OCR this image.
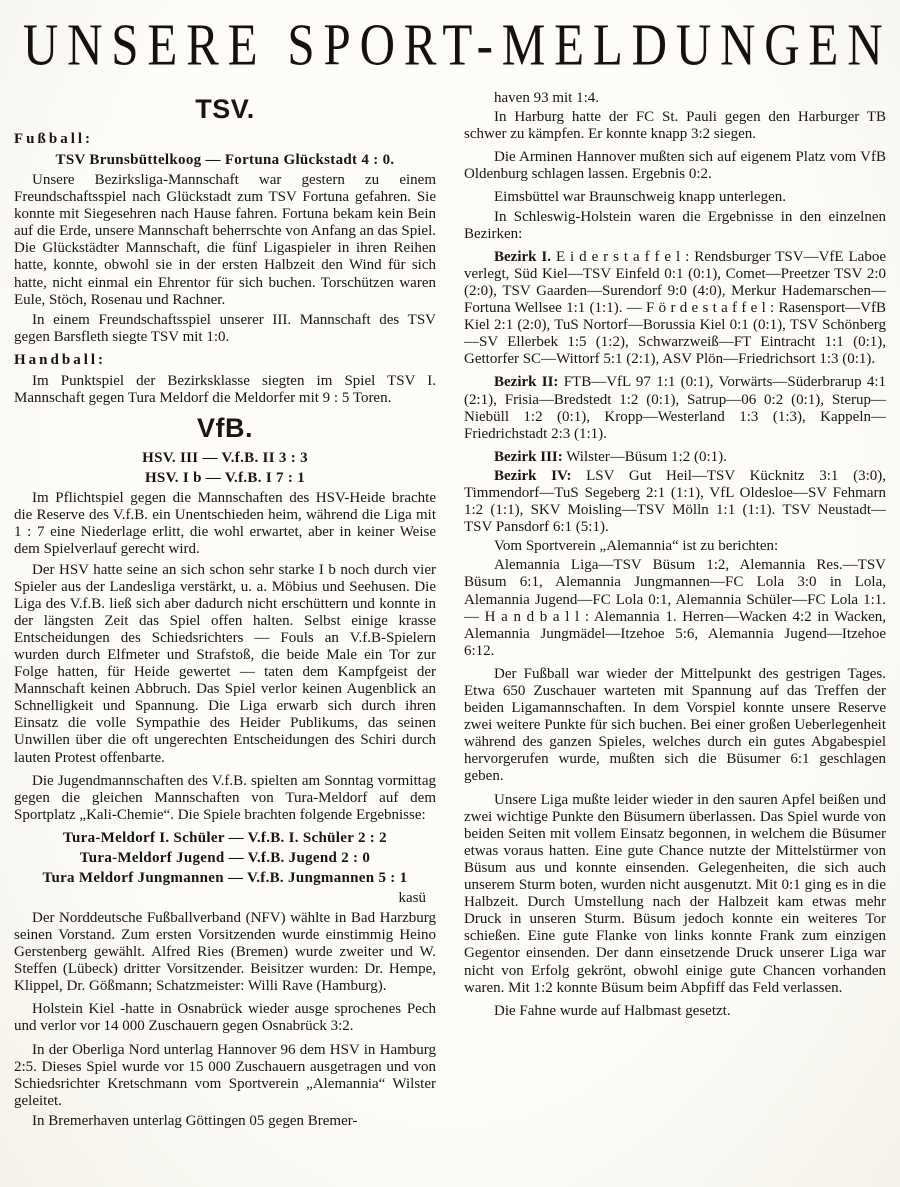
UNSERE SPORT-MELDUNGEN
TSV.
Fußball:
TSV Brunsbüttelkoog — Fortuna Glückstadt 4 : 0.

Unsere Bezirksliga-Mannschaft war gestern zu einem Freundschaftsspiel nach Glückstadt zum TSV Fortuna gefahren. Sie konnte mit Siegesehren nach Hause fahren. Fortuna bekam kein Bein auf die Erde, unsere Mannschaft beherrschte von Anfang an das Spiel. Die Glückstädter Mannschaft, die fünf Ligaspieler in ihren Reihen hatte, konnte, obwohl sie in der ersten Halbzeit den Wind für sich hatte, nicht einmal ein Ehrentor für sich buchen. Torschützen waren Eule, Stöch, Rosenau und Rachner.

In einem Freundschaftsspiel unserer III. Mannschaft des TSV gegen Barsfleth siegte TSV mit 1:0.

Handball:

Im Punktspiel der Bezirksklasse siegten im Spiel TSV I. Mannschaft gegen Tura Meldorf die Meldorfer mit 9 : 5 Toren.

VfB.
HSV. III — V.f.B. II 3 : 3
HSV. I b — V.f.B. I 7 : 1

Im Pflichtspiel gegen die Mannschaften des HSV-Heide brachte die Reserve des V.f.B. ein Unentschieden heim, während die Liga mit 1 : 7 eine Niederlage erlitt, die wohl erwartet, aber in keiner Weise dem Spielverlauf gerecht wird.

Der HSV hatte seine an sich schon sehr starke I b noch durch vier Spieler aus der Landesliga verstärkt, u. a. Möbius und Seehusen. Die Liga des V.f.B. ließ sich aber dadurch nicht erschüttern und konnte in der längsten Zeit das Spiel offen halten. Selbst einige krasse Entscheidungen des Schiedsrichters — Fouls an V.f.B-Spielern wurden durch Elfmeter und Strafstoß, die beide Male ein Tor zur Folge hatten, für Heide gewertet — taten dem Kampfgeist der Mannschaft keinen Abbruch. Das Spiel verlor keinen Augenblick an Schnelligkeit und Spannung. Die Liga erwarb sich durch ihren Einsatz die volle Sympathie des Heider Publikums, das seinen Unwillen über die oft ungerechten Entscheidungen des Schiri durch lauten Protest offenbarte.

Die Jugendmannschaften des V.f.B. spielten am Sonntag vormittag gegen die gleichen Mannschaften von Tura-Meldorf auf dem Sportplatz „Kali-Chemie“. Die Spiele brachten folgende Ergebnisse:

Tura-Meldorf I. Schüler — V.f.B. I. Schüler 2 : 2
Tura-Meldorf Jugend — V.f.B. Jugend 2 : 0
Tura Meldorf Jungmannen — V.f.B. Jungmannen 5 : 1
kasü

Der Norddeutsche Fußballverband (NFV) wählte in Bad Harzburg seinen Vorstand. Zum ersten Vorsitzenden wurde einstimmig Heino Gerstenberg gewählt. Alfred Ries (Bremen) wurde zweiter und W. Steffen (Lübeck) dritter Vorsitzender. Beisitzer wurden: Dr. Hempe, Klippel, Dr. Gößmann; Schatzmeister: Willi Rave (Hamburg).

Holstein Kiel -hatte in Osnabrück wieder ausge sprochenes Pech und verlor vor 14 000 Zuschauern gegen Osnabrück 3:2.

In der Oberliga Nord unterlag Hannover 96 dem HSV in Hamburg 2:5. Dieses Spiel wurde vor 15 000 Zuschauern ausgetragen und von Schiedsrichter Kretschmann vom Sportverein „Alemannia“ Wilster geleitet.

In Bremerhaven unterlag Göttingen 05 gegen Bremer-

haven 93 mit 1:4.

In Harburg hatte der FC St. Pauli gegen den Harburger TB schwer zu kämpfen. Er konnte knapp 3:2 siegen.

Die Arminen Hannover mußten sich auf eigenem Platz vom VfB Oldenburg schlagen lassen. Ergebnis 0:2.

Eimsbüttel war Braunschweig knapp unterlegen.

In Schleswig-Holstein waren die Ergebnisse in den einzelnen Bezirken:

Bezirk I. E i d e r s t a f f e l : Rendsburger TSV—VfE Laboe verlegt, Süd Kiel—TSV Einfeld 0:1 (0:1), Comet—Preetzer TSV 2:0 (2:0), TSV Gaarden—Surendorf 9:0 (4:0), Merkur Hademarschen—Fortuna Wellsee 1:1 (1:1). — F ö r d e s t a f f e l : Rasensport—VfB Kiel 2:1 (2:0), TuS Nortorf—Borussia Kiel 0:1 (0:1), TSV Schönberg—SV Ellerbek 1:5 (1:2), Schwarzweiß—FT Eintracht 1:1 (0:1), Gettorfer SC—Wittorf 5:1 (2:1), ASV Plön—Friedrichsort 1:3 (0:1).

Bezirk II: FTB—VfL 97 1:1 (0:1), Vorwärts—Süderbrarup 4:1 (2:1), Frisia—Bredstedt 1:2 (0:1), Satrup—06 0:2 (0:1), Sterup—Niebüll 1:2 (0:1), Kropp—Westerland 1:3 (1:3), Kappeln—Friedrichstadt 2:3 (1:1).

Bezirk III: Wilster—Büsum 1:2 (0:1).

Bezirk IV: LSV Gut Heil—TSV Kücknitz 3:1 (3:0), Timmendorf—TuS Segeberg 2:1 (1:1), VfL Oldesloe—SV Fehmarn 1:2 (1:1), SKV Moisling—TSV Mölln 1:1 (1:1). TSV Neustadt—TSV Pansdorf 6:1 (5:1).

Vom Sportverein „Alemannia“ ist zu berichten:

Alemannia Liga—TSV Büsum 1:2, Alemannia Res.—TSV Büsum 6:1, Alemannia Jungmannen—FC Lola 3:0 in Lola, Alemannia Jugend—FC Lola 0:1, Alemannia Schüler—FC Lola 1:1. — H a n d b a l l : Alemannia 1. Herren—Wacken 4:2 in Wacken, Alemannia Jungmädel—Itzehoe 5:6, Alemannia Jugend—Itzehoe 6:12.

Der Fußball war wieder der Mittelpunkt des gestrigen Tages. Etwa 650 Zuschauer warteten mit Spannung auf das Treffen der beiden Ligamannschaften. In dem Vorspiel konnte unsere Reserve zwei weitere Punkte für sich buchen. Bei einer großen Ueberlegenheit während des ganzen Spieles, welches durch ein gutes Abgabespiel hervorgerufen wurde, mußten sich die Büsumer 6:1 geschlagen geben.

Unsere Liga mußte leider wieder in den sauren Apfel beißen und zwei wichtige Punkte den Büsumern überlassen. Das Spiel wurde von beiden Seiten mit vollem Einsatz begonnen, in welchem die Büsumer etwas voraus hatten. Eine gute Chance nutzte der Mittelstürmer von Büsum aus und konnte einsenden. Gelegenheiten, die sich auch unserem Sturm boten, wurden nicht ausgenutzt. Mit 0:1 ging es in die Halbzeit. Durch Umstellung nach der Halbzeit kam etwas mehr Druck in unseren Sturm. Büsum jedoch konnte ein weiteres Tor schießen. Eine gute Flanke von links konnte Frank zum einzigen Gegentor einsenden. Der dann einsetzende Druck unserer Liga war nicht von Erfolg gekrönt, obwohl einige gute Chancen vorhanden waren. Mit 1:2 konnte Büsum beim Abpfiff das Feld verlassen.

Die Fahne wurde auf Halbmast gesetzt.
